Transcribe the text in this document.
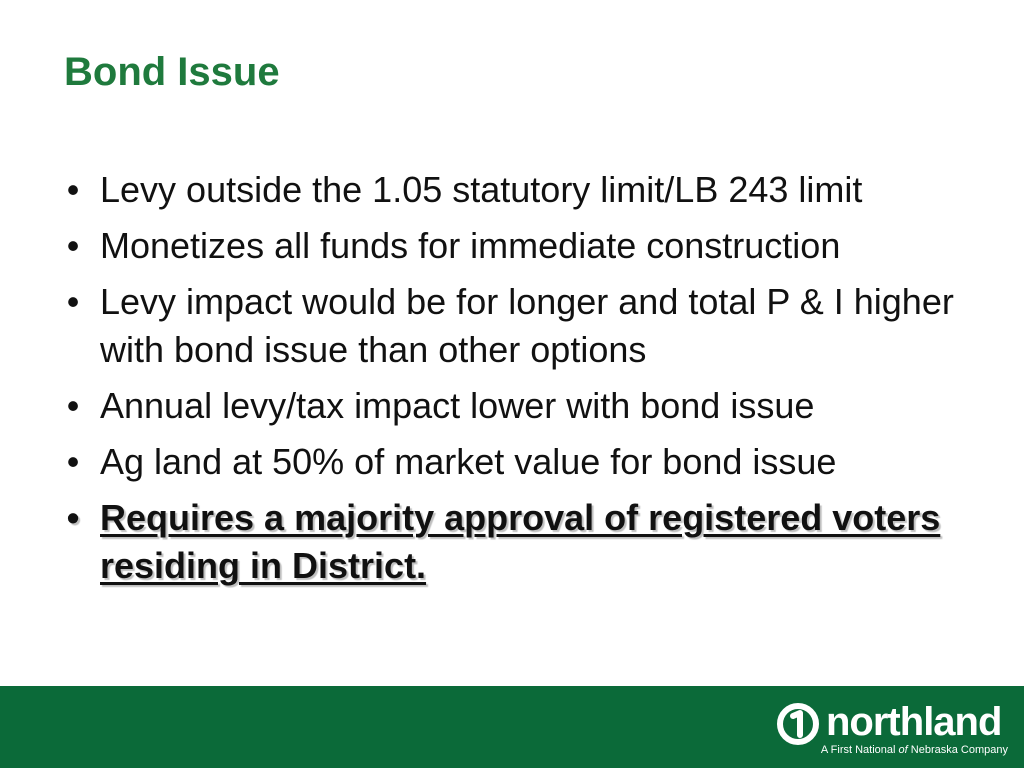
Bond Issue
• Levy outside the 1.05 statutory limit/LB 243 limit
• Monetizes all funds for immediate construction
• Levy impact would be for longer and total P & I higher with bond issue than other options
• Annual levy/tax impact lower with bond issue
• Ag land at 50% of market value for bond issue
• Requires a majority approval of registered voters residing in District.
northland
A First National of Nebraska Company
